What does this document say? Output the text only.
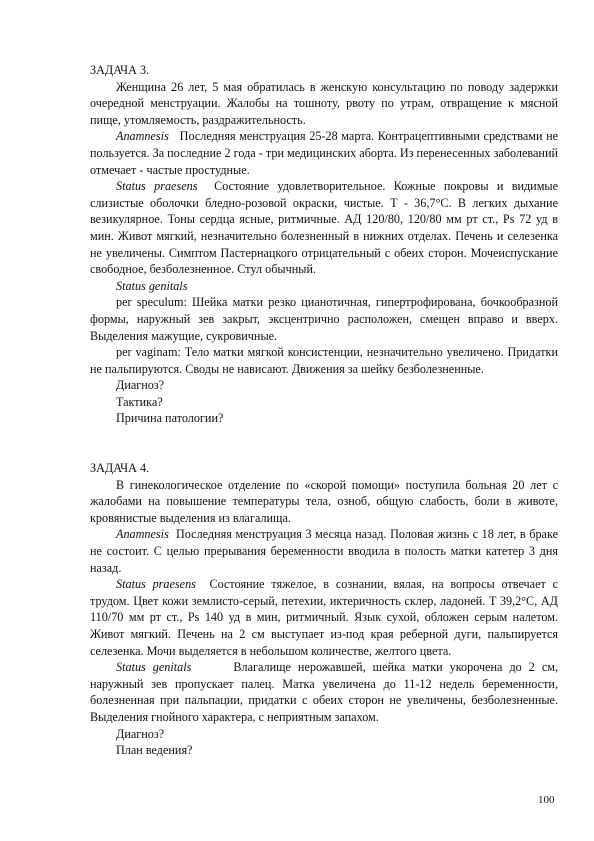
ЗАДАЧА 3.

Женщина 26 лет, 5 мая обратилась в женскую консультацию по поводу задержки очередной менструации. Жалобы на тошноту, рвоту по утрам, отвращение к мясной пище, утомляемость, раздражительность.

Anamnesis Последняя менструация 25-28 марта. Контрацептивными средствами не пользуется. За последние 2 года - три медицинских аборта. Из перенесенных заболеваний отмечает - частые простудные.

Status praesens Состояние удовлетворительное. Кожные покровы и видимые слизистые оболочки бледно-розовой окраски, чистые. T - 36,7°C. В легких дыхание везикулярное. Тоны сердца ясные, ритмичные. АД 120/80, 120/80 мм рт ст., Ps 72 уд в мин. Живот мягкий, незначительно болезненный в нижних отделах. Печень и селезенка не увеличены. Симптом Пастернацкого отрицательный с обеих сторон. Мочеиспускание свободное, безболезненное. Стул обычный.

Status genitals

per speculum: Шейка матки резко цианотичная, гипертрофирована, бочкообразной формы, наружный зев закрыт, эксцентрично расположен, смещен вправо и вверх. Выделения мажущие, сукровичные.

per vaginam: Тело матки мягкой консистенции, незначительно увеличено. Придатки не пальпируются. Своды не нависают. Движения за шейку безболезненные.

Диагноз?

Тактика?

Причина патологии?

ЗАДАЧА 4.

В гинекологическое отделение по «скорой помощи» поступила больная 20 лет с жалобами на повышение температуры тела, озноб, общую слабость, боли в животе, кровянистые выделения из влагалища.

Anamnesis Последняя менструация 3 месяца назад. Половая жизнь с 18 лет, в браке не состоит. С целью прерывания беременности вводила в полость матки катетер 3 дня назад.

Status praesens Состояние тяжелое, в сознании, вялая, на вопросы отвечает с трудом. Цвет кожи землисто-серый, петехии, иктеричность склер, ладоней. T 39,2°C, АД 110/70 мм рт ст., Ps 140 уд в мин, ритмичный. Язык сухой, обложен серым налетом. Живот мягкий. Печень на 2 см выступает из-под края реберной дуги, пальпируется селезенка. Мочи выделяется в небольшом количестве, желтого цвета.

Status genitals	Влагалище нерожавшей, шейка матки укорочена до 2 см, наружный зев пропускает палец. Матка увеличена до 11-12 недель беременности, болезненная при пальпации, придатки с обеих сторон не увеличены, безболезненные. Выделения гнойного характера, с неприятным запахом.

Диагноз?

План ведения?

100
